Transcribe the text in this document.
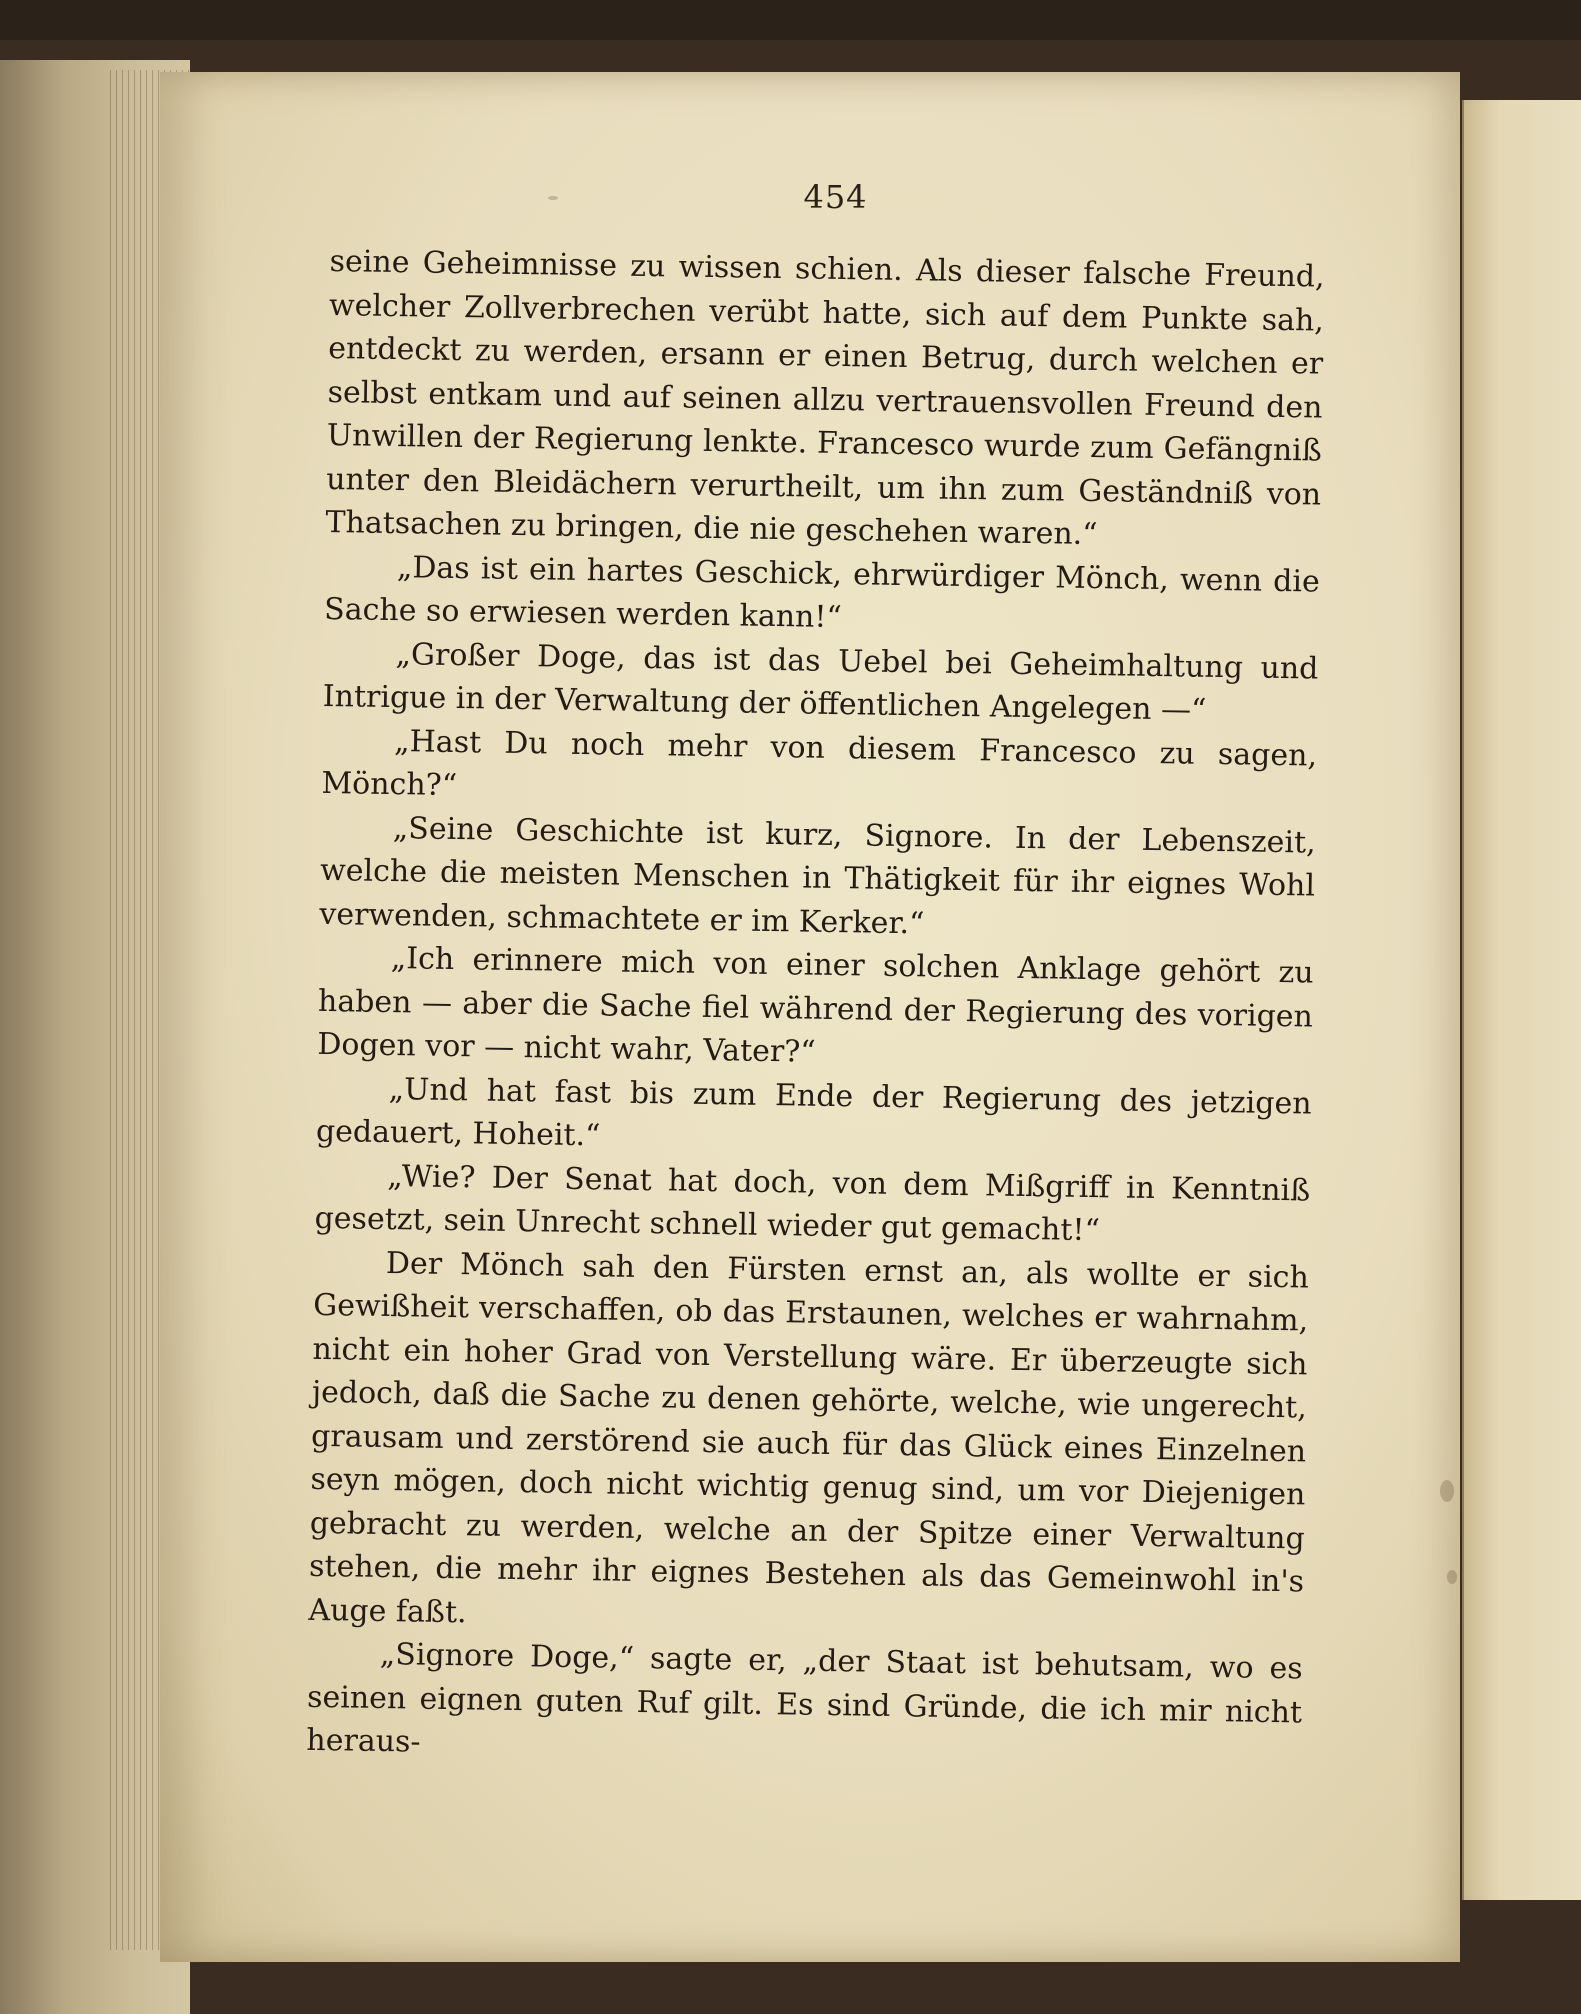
454

seine Geheimnisse zu wissen schien. Als dieser falsche Freund, welcher Zollverbrechen verübt hatte, sich auf dem Punkte sah, entdeckt zu werden, ersann er einen Betrug, durch welchen er selbst entkam und auf seinen allzu vertrauensvollen Freund den Unwillen der Regierung lenkte. Francesco wurde zum Gefängniß unter den Bleidächern verurtheilt, um ihn zum Geständniß von Thatsachen zu bringen, die nie geschehen waren.“

„Das ist ein hartes Geschick, ehrwürdiger Mönch, wenn die Sache so erwiesen werden kann!“

„Großer Doge, das ist das Uebel bei Geheimhaltung und Intrigue in der Verwaltung der öffentlichen Angelegen —“

„Hast Du noch mehr von diesem Francesco zu sagen, Mönch?“

„Seine Geschichte ist kurz, Signore. In der Lebenszeit, welche die meisten Menschen in Thätigkeit für ihr eignes Wohl verwenden, schmachtete er im Kerker.“

„Ich erinnere mich von einer solchen Anklage gehört zu haben — aber die Sache fiel während der Regierung des vorigen Dogen vor — nicht wahr, Vater?“

„Und hat fast bis zum Ende der Regierung des jetzigen gedauert, Hoheit.“

„Wie? Der Senat hat doch, von dem Mißgriff in Kenntniß gesetzt, sein Unrecht schnell wieder gut gemacht!“

Der Mönch sah den Fürsten ernst an, als wollte er sich Gewißheit verschaffen, ob das Erstaunen, welches er wahrnahm, nicht ein hoher Grad von Verstellung wäre. Er überzeugte sich jedoch, daß die Sache zu denen gehörte, welche, wie ungerecht, grausam und zerstörend sie auch für das Glück eines Einzelnen seyn mögen, doch nicht wichtig genug sind, um vor Diejenigen gebracht zu werden, welche an der Spitze einer Verwaltung stehen, die mehr ihr eignes Bestehen als das Gemeinwohl in's Auge faßt.

„Signore Doge,“ sagte er, „der Staat ist behutsam, wo es seinen eignen guten Ruf gilt. Es sind Gründe, die ich mir nicht heraus-
